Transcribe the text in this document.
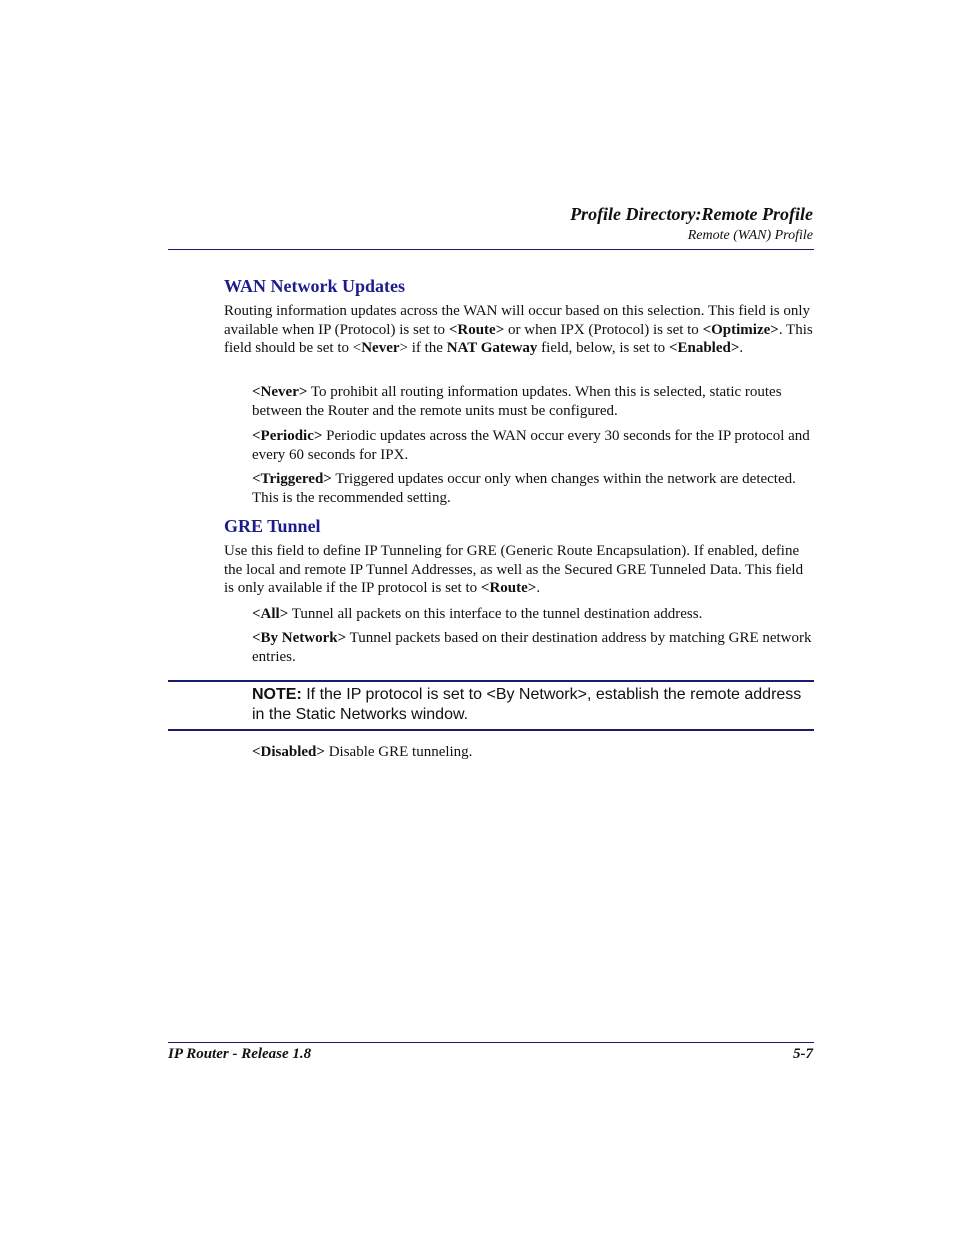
Profile Directory:Remote Profile
Remote (WAN) Profile
WAN Network Updates

Routing information updates across the WAN will occur based on this selection. This field is only available when IP (Protocol) is set to <Route> or when IPX (Protocol) is set to <Optimize>. This field should be set to <Never> if the NAT Gateway field, below, is set to <Enabled>.

<Never> To prohibit all routing information updates. When this is selected, static routes between the Router and the remote units must be configured.

<Periodic> Periodic updates across the WAN occur every 30 seconds for the IP protocol and every 60 seconds for IPX.

<Triggered> Triggered updates occur only when changes within the network are detected. This is the recommended setting.

GRE Tunnel

Use this field to define IP Tunneling for GRE (Generic Route Encapsulation). If enabled, define the local and remote IP Tunnel Addresses, as well as the Secured GRE Tunneled Data. This field is only available if the IP protocol is set to <Route>.

<All> Tunnel all packets on this interface to the tunnel destination address.

<By Network> Tunnel packets based on their destination address by matching GRE network entries.

NOTE: If the IP protocol is set to <By Network>, establish the remote address in the Static Networks window.

<Disabled> Disable GRE tunneling.

IP Router - Release 1.8	5-7
